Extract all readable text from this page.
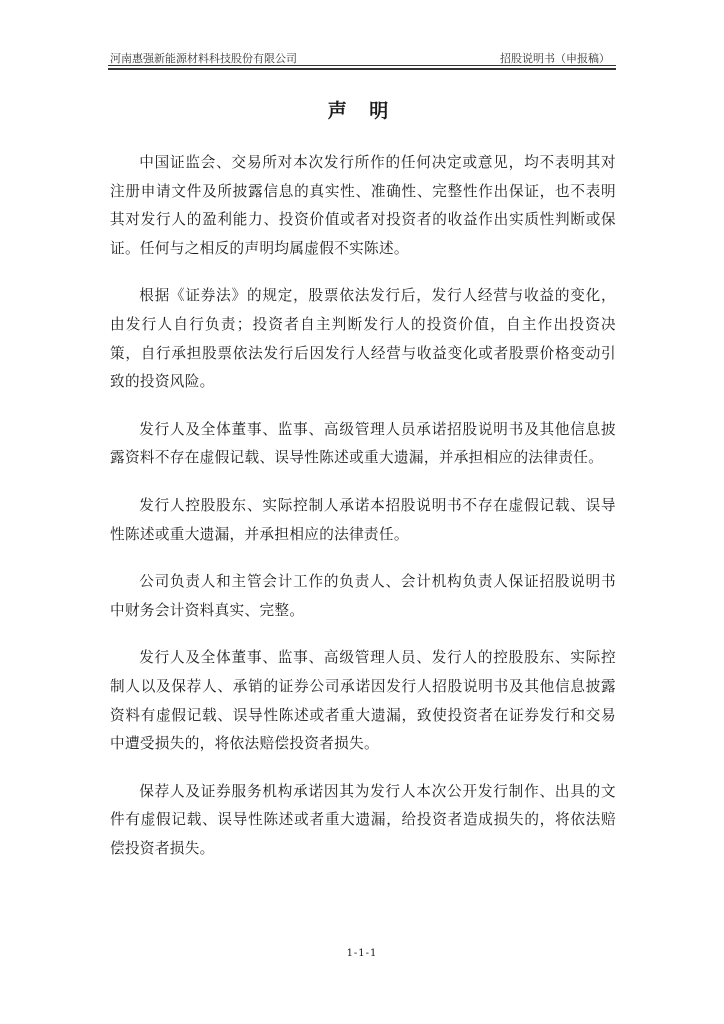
河南惠强新能源材料科技股份有限公司	招股说明书（申报稿）
声 明

中国证监会、交易所对本次发行所作的任何决定或意见，均不表明其对注册申请文件及所披露信息的真实性、准确性、完整性作出保证，也不表明其对发行人的盈利能力、投资价值或者对投资者的收益作出实质性判断或保证。任何与之相反的声明均属虚假不实陈述。

根据《证券法》的规定，股票依法发行后，发行人经营与收益的变化，由发行人自行负责；投资者自主判断发行人的投资价值，自主作出投资决策，自行承担股票依法发行后因发行人经营与收益变化或者股票价格变动引致的投资风险。

发行人及全体董事、监事、高级管理人员承诺招股说明书及其他信息披露资料不存在虚假记载、误导性陈述或重大遗漏，并承担相应的法律责任。

发行人控股股东、实际控制人承诺本招股说明书不存在虚假记载、误导性陈述或重大遗漏，并承担相应的法律责任。

公司负责人和主管会计工作的负责人、会计机构负责人保证招股说明书中财务会计资料真实、完整。

发行人及全体董事、监事、高级管理人员、发行人的控股股东、实际控制人以及保荐人、承销的证券公司承诺因发行人招股说明书及其他信息披露资料有虚假记载、误导性陈述或者重大遗漏，致使投资者在证券发行和交易中遭受损失的，将依法赔偿投资者损失。

保荐人及证券服务机构承诺因其为发行人本次公开发行制作、出具的文件有虚假记载、误导性陈述或者重大遗漏，给投资者造成损失的，将依法赔偿投资者损失。

1-1-1
